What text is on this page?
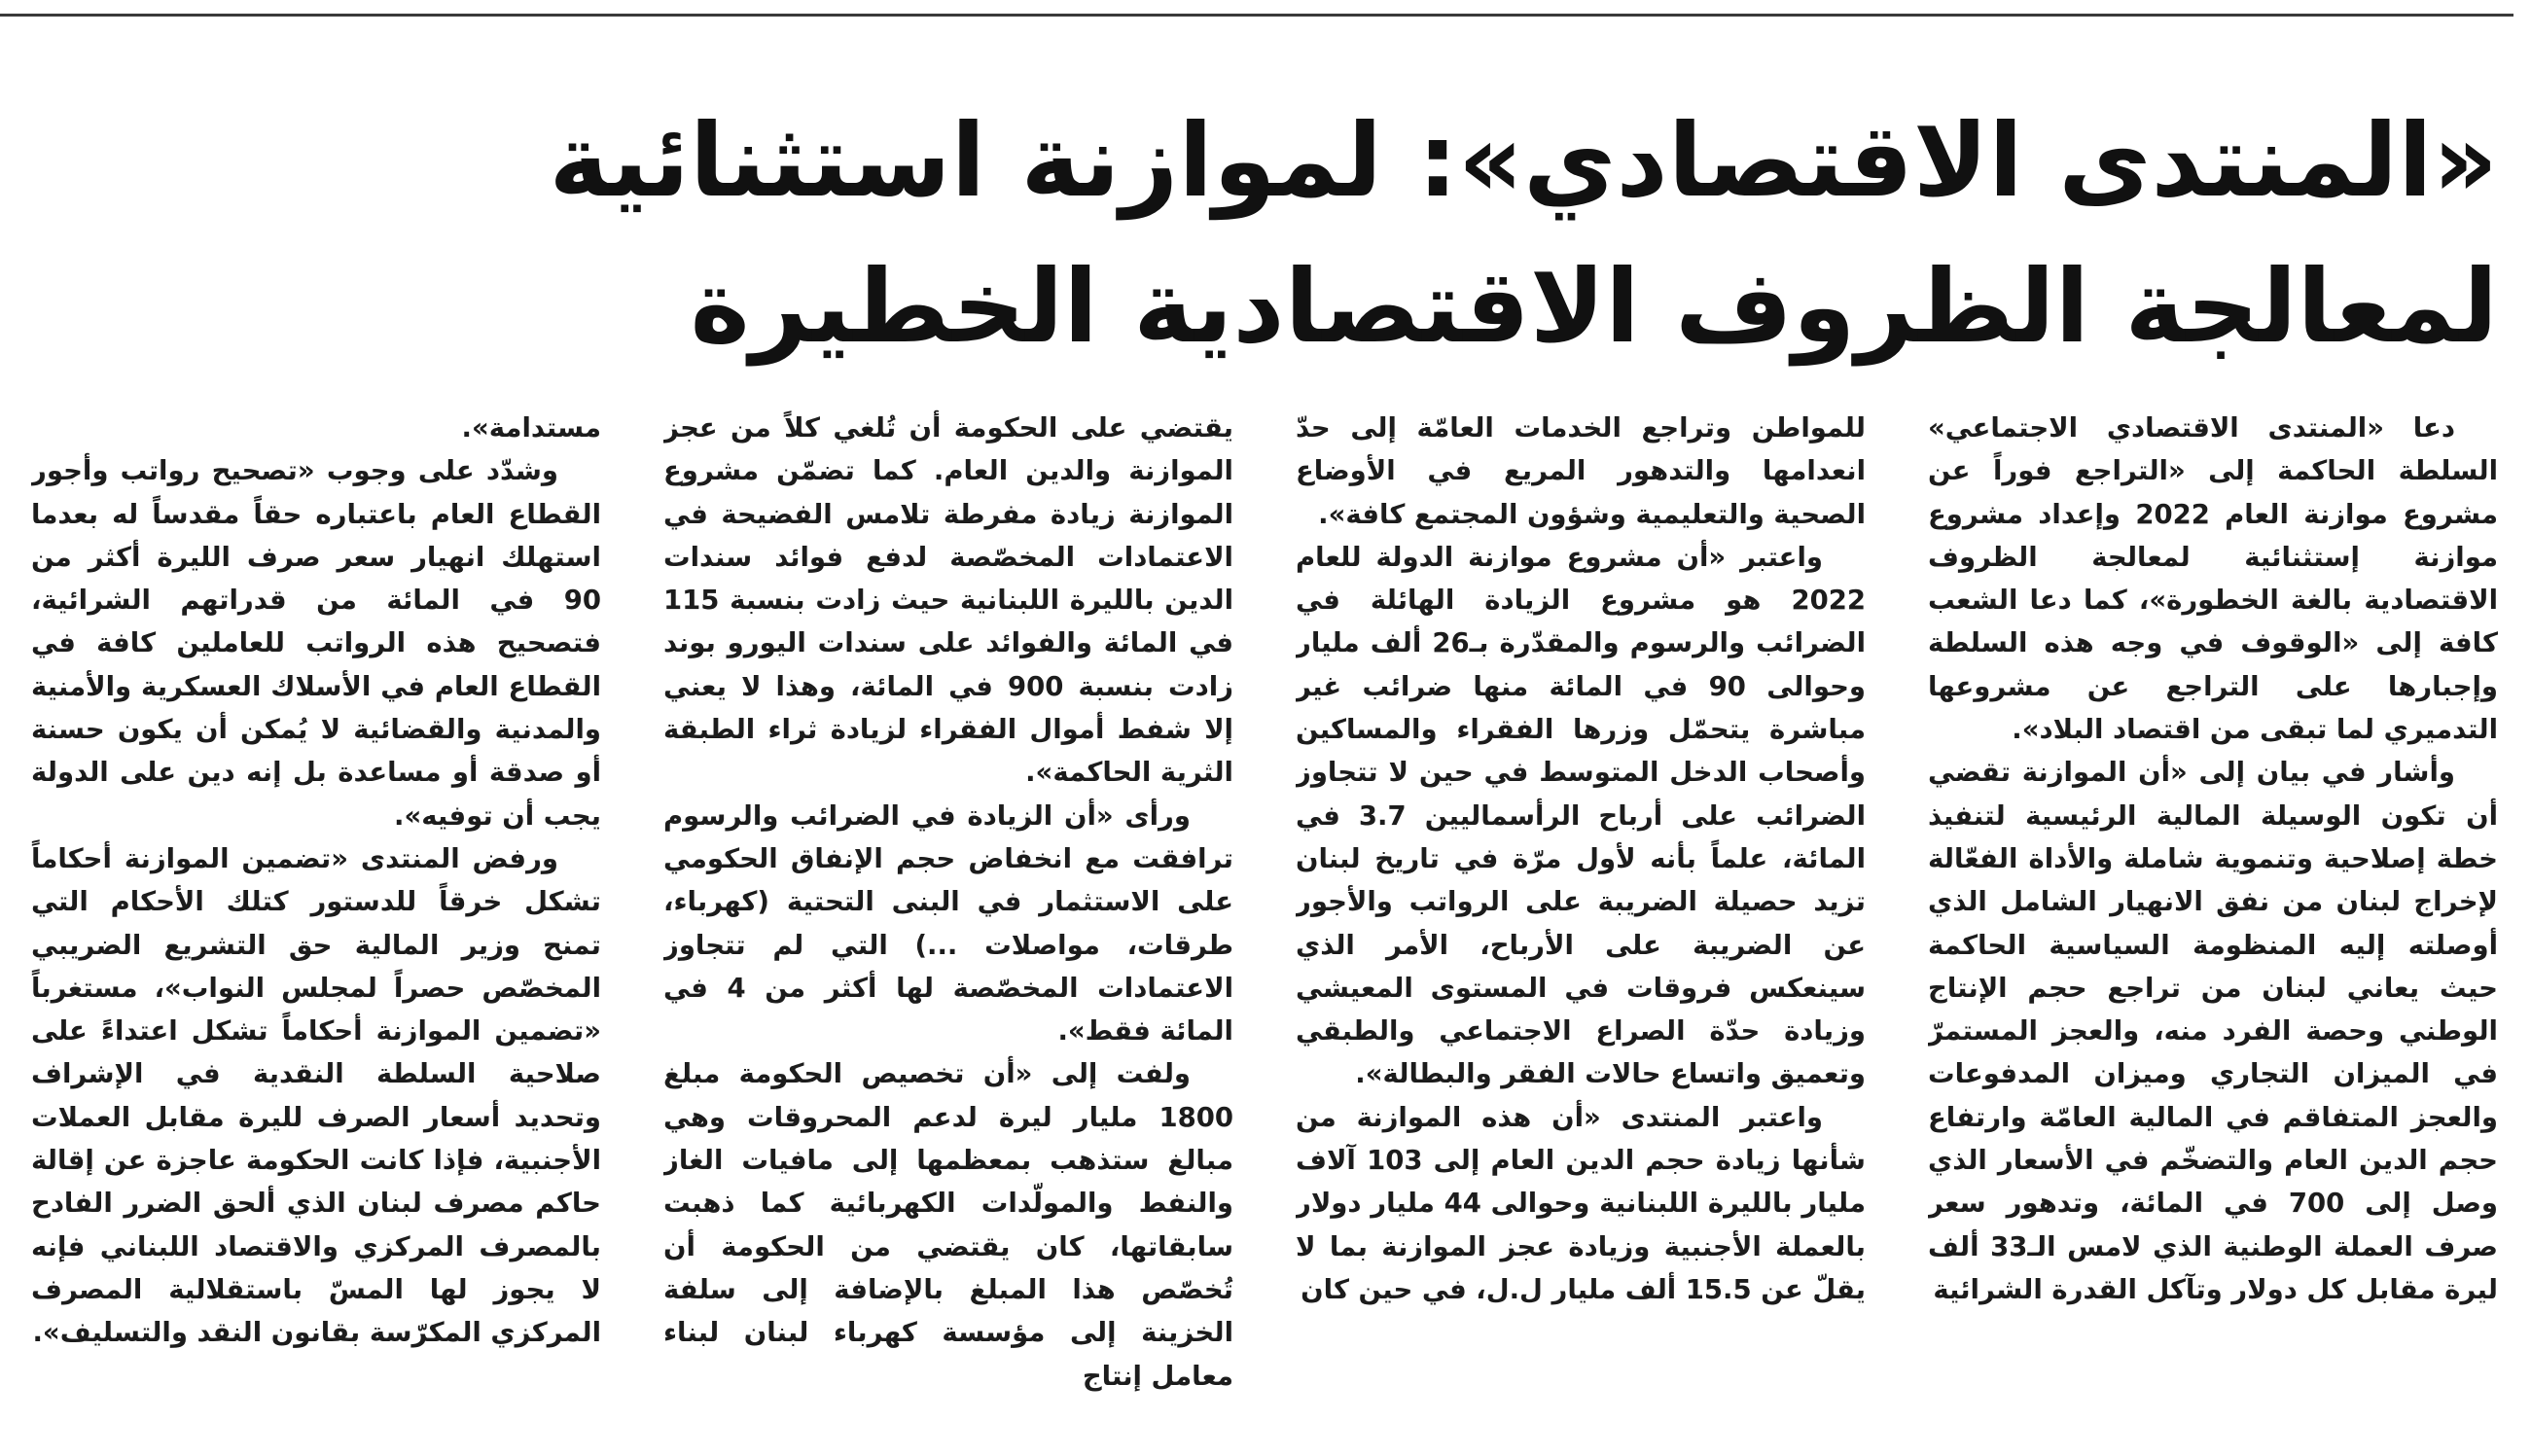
«المنتدى الاقتصادي»: لموازنة استثنائية
لمعالجة الظروف الاقتصادية الخطيرة

دعا «المنتدى الاقتصادي الاجتماعي» السلطة الحاكمة إلى «التراجع فوراً عن مشروع موازنة العام 2022 وإعداد مشروع موازنة إستثنائية لمعالجة الظروف الاقتصادية بالغة الخطورة»، كما دعا الشعب كافة إلى «الوقوف في وجه هذه السلطة وإجبارها على التراجع عن مشروعها التدميري لما تبقى من اقتصاد البلاد».

وأشار في بيان إلى «أن الموازنة تقضي أن تكون الوسيلة المالية الرئيسية لتنفيذ خطة إصلاحية وتنموية شاملة والأداة الفعّالة لإخراج لبنان من نفق الانهيار الشامل الذي أوصلته إليه المنظومة السياسية الحاكمة حيث يعاني لبنان من تراجع حجم الإنتاج الوطني وحصة الفرد منه، والعجز المستمرّ في الميزان التجاري وميزان المدفوعات والعجز المتفاقم في المالية العامّة وارتفاع حجم الدين العام والتضخّم في الأسعار الذي وصل إلى 700 في المائة، وتدهور سعر صرف العملة الوطنية الذي لامس الـ33 ألف ليرة مقابل كل دولار وتآكل القدرة الشرائية

للمواطن وتراجع الخدمات العامّة إلى حدّ انعدامها والتدهور المريع في الأوضاع الصحية والتعليمية وشؤون المجتمع كافة».

واعتبر «أن مشروع موازنة الدولة للعام 2022 هو مشروع الزيادة الهائلة في الضرائب والرسوم والمقدّرة بـ26 ألف مليار وحوالى 90 في المائة منها ضرائب غير مباشرة يتحمّل وزرها الفقراء والمساكين وأصحاب الدخل المتوسط في حين لا تتجاوز الضرائب على أرباح الرأسماليين 3.7 في المائة، علماً بأنه لأول مرّة في تاريخ لبنان تزيد حصيلة الضريبة على الرواتب والأجور عن الضريبة على الأرباح، الأمر الذي سينعكس فروقات في المستوى المعيشي وزيادة حدّة الصراع الاجتماعي والطبقي وتعميق واتساع حالات الفقر والبطالة».

واعتبر المنتدى «أن هذه الموازنة من شأنها زيادة حجم الدين العام إلى 103 آلاف مليار بالليرة اللبنانية وحوالى 44 مليار دولار بالعملة الأجنبية وزيادة عجز الموازنة بما لا يقلّ عن 15.5 ألف مليار ل.ل، في حين كان

يقتضي على الحكومة أن تُلغي كلاً من عجز الموازنة والدين العام. كما تضمّن مشروع الموازنة زيادة مفرطة تلامس الفضيحة في الاعتمادات المخصّصة لدفع فوائد سندات الدين بالليرة اللبنانية حيث زادت بنسبة 115 في المائة والفوائد على سندات اليورو بوند زادت بنسبة 900 في المائة، وهذا لا يعني إلا شفط أموال الفقراء لزيادة ثراء الطبقة الثرية الحاكمة».

ورأى «أن الزيادة في الضرائب والرسوم ترافقت مع انخفاض حجم الإنفاق الحكومي على الاستثمار في البنى التحتية (كهرباء، طرقات، مواصلات ...) التي لم تتجاوز الاعتمادات المخصّصة لها أكثر من 4 في المائة فقط».

ولفت إلى «أن تخصيص الحكومة مبلغ 1800 مليار ليرة لدعم المحروقات وهي مبالغ ستذهب بمعظمها إلى مافيات الغاز والنفط والمولّدات الكهربائية كما ذهبت سابقاتها، كان يقتضي من الحكومة أن تُخصّص هذا المبلغ بالإضافة إلى سلفة الخزينة إلى مؤسسة كهرباء لبنان لبناء معامل إنتاج

مستدامة».

وشدّد على وجوب «تصحيح رواتب وأجور القطاع العام باعتباره حقاً مقدساً له بعدما استهلك انهيار سعر صرف الليرة أكثر من 90 في المائة من قدراتهم الشرائية، فتصحيح هذه الرواتب للعاملين كافة في القطاع العام في الأسلاك العسكرية والأمنية والمدنية والقضائية لا يُمكن أن يكون حسنة أو صدقة أو مساعدة بل إنه دين على الدولة يجب أن توفيه».

ورفض المنتدى «تضمين الموازنة أحكاماً تشكل خرقاً للدستور كتلك الأحكام التي تمنح وزير المالية حق التشريع الضريبي المخصّص حصراً لمجلس النواب»، مستغرباً «تضمين الموازنة أحكاماً تشكل اعتداءً على صلاحية السلطة النقدية في الإشراف وتحديد أسعار الصرف لليرة مقابل العملات الأجنبية، فإذا كانت الحكومة عاجزة عن إقالة حاكم مصرف لبنان الذي ألحق الضرر الفادح بالمصرف المركزي والاقتصاد اللبناني فإنه لا يجوز لها المسّ باستقلالية المصرف المركزي المكرّسة بقانون النقد والتسليف».
